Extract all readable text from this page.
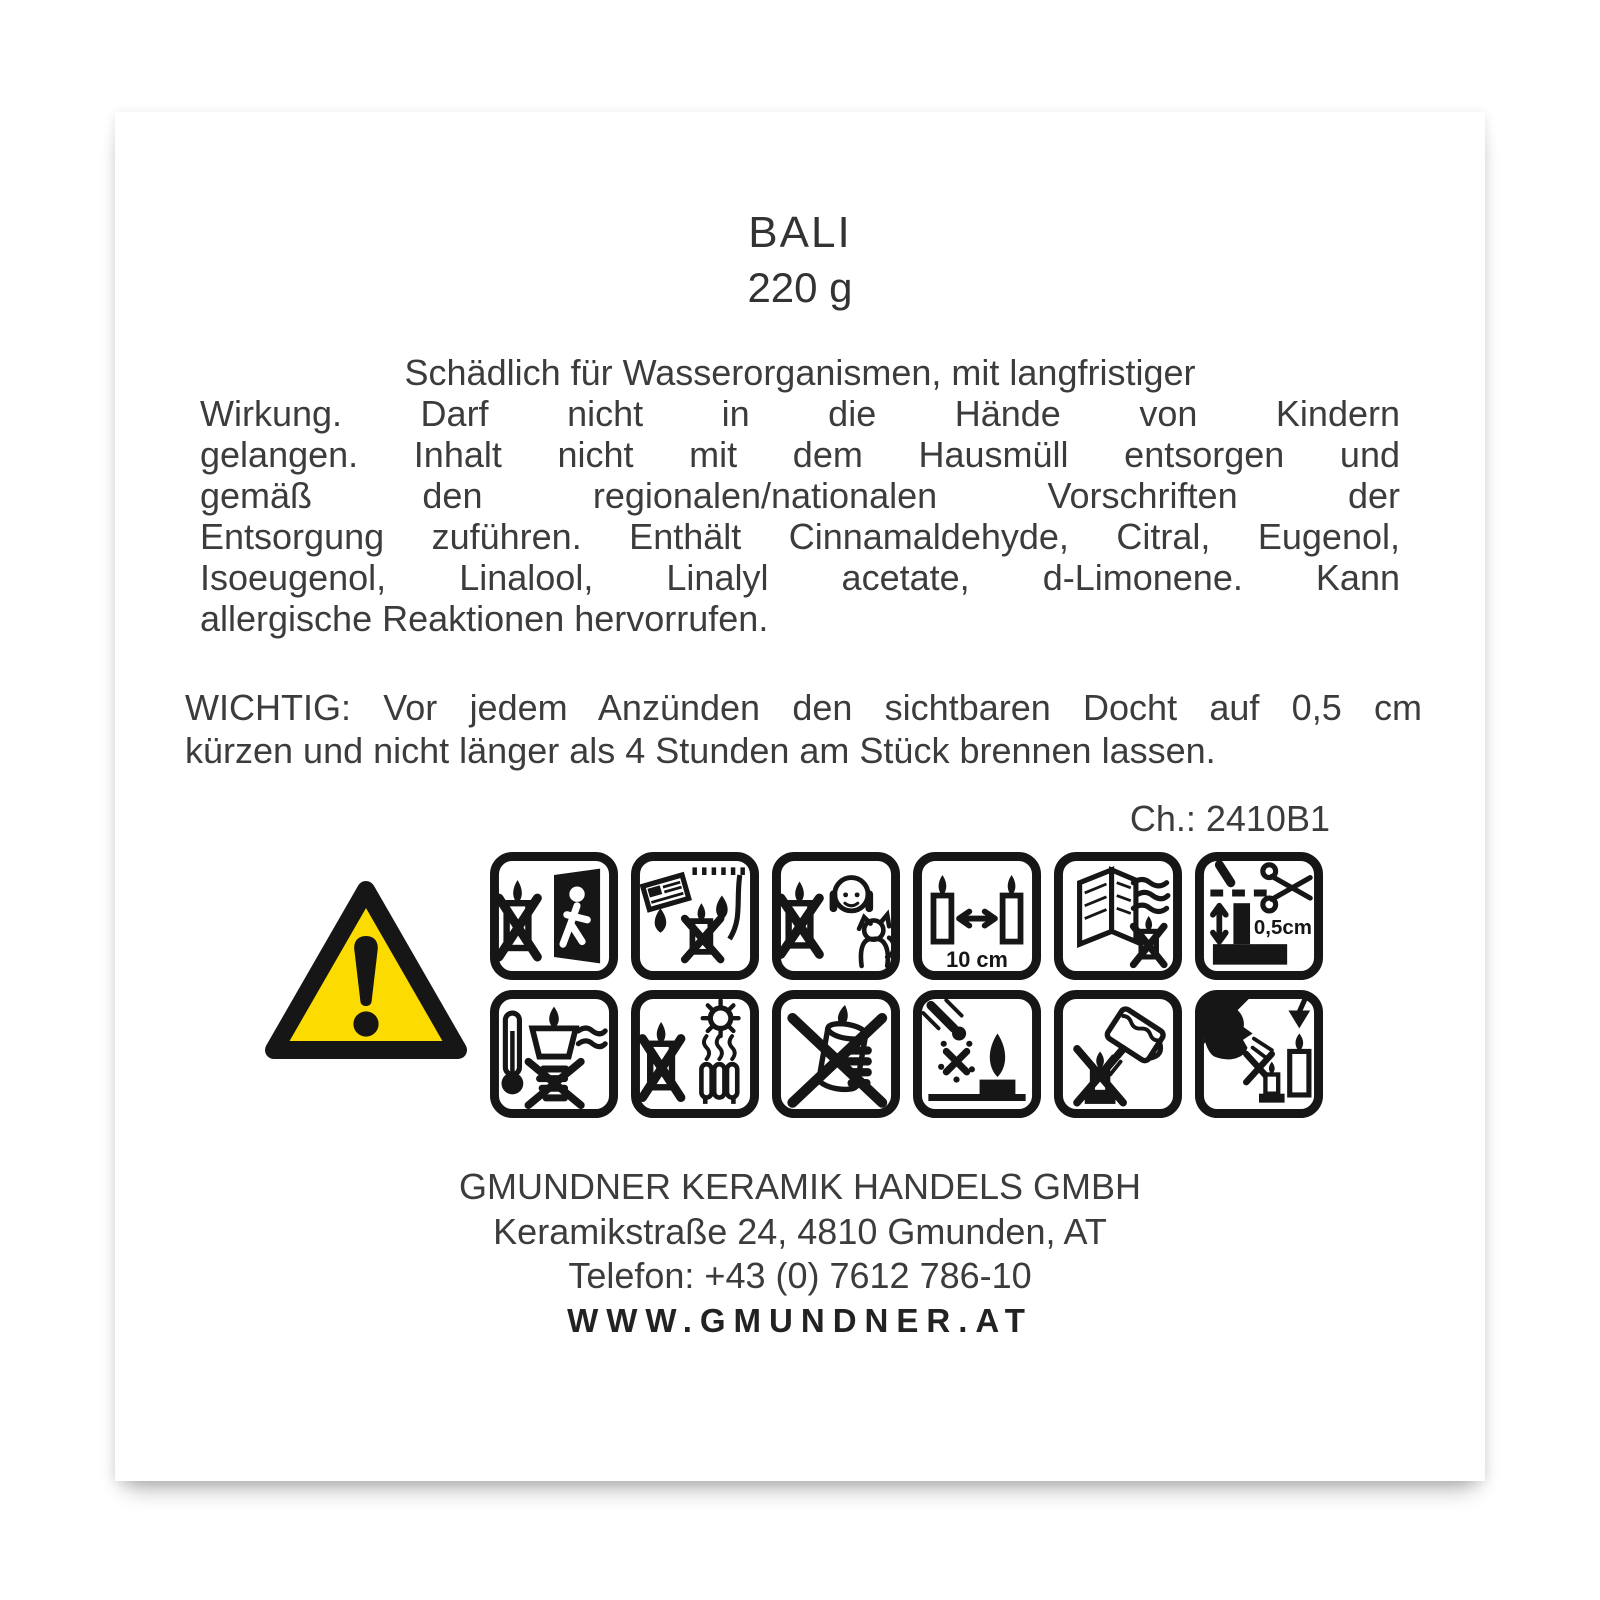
BALI
220 g
Schädlich für Wasserorganismen, mit langfristiger
Wirkung. Darf nicht in die Hände von Kindern
gelangen. Inhalt nicht mit dem Hausmüll entsorgen und
gemäß den regionalen/nationalen Vorschriften der
Entsorgung zuführen. Enthält Cinnamaldehyde, Citral, Eugenol,
Isoeugenol, Linalool, Linalyl acetate, d-Limonene. Kann
allergische Reaktionen hervorrufen.
WICHTIG: Vor jedem Anzünden den sichtbaren Docht auf 0,5 cm
kürzen und nicht länger als 4 Stunden am Stück brennen lassen.
Ch.: 2410B1
10 cm
0,5cm
GMUNDNER KERAMIK HANDELS GMBH
Keramikstraße 24, 4810 Gmunden, AT
Telefon: +43 (0) 7612 786-10
WWW.GMUNDNER.AT
